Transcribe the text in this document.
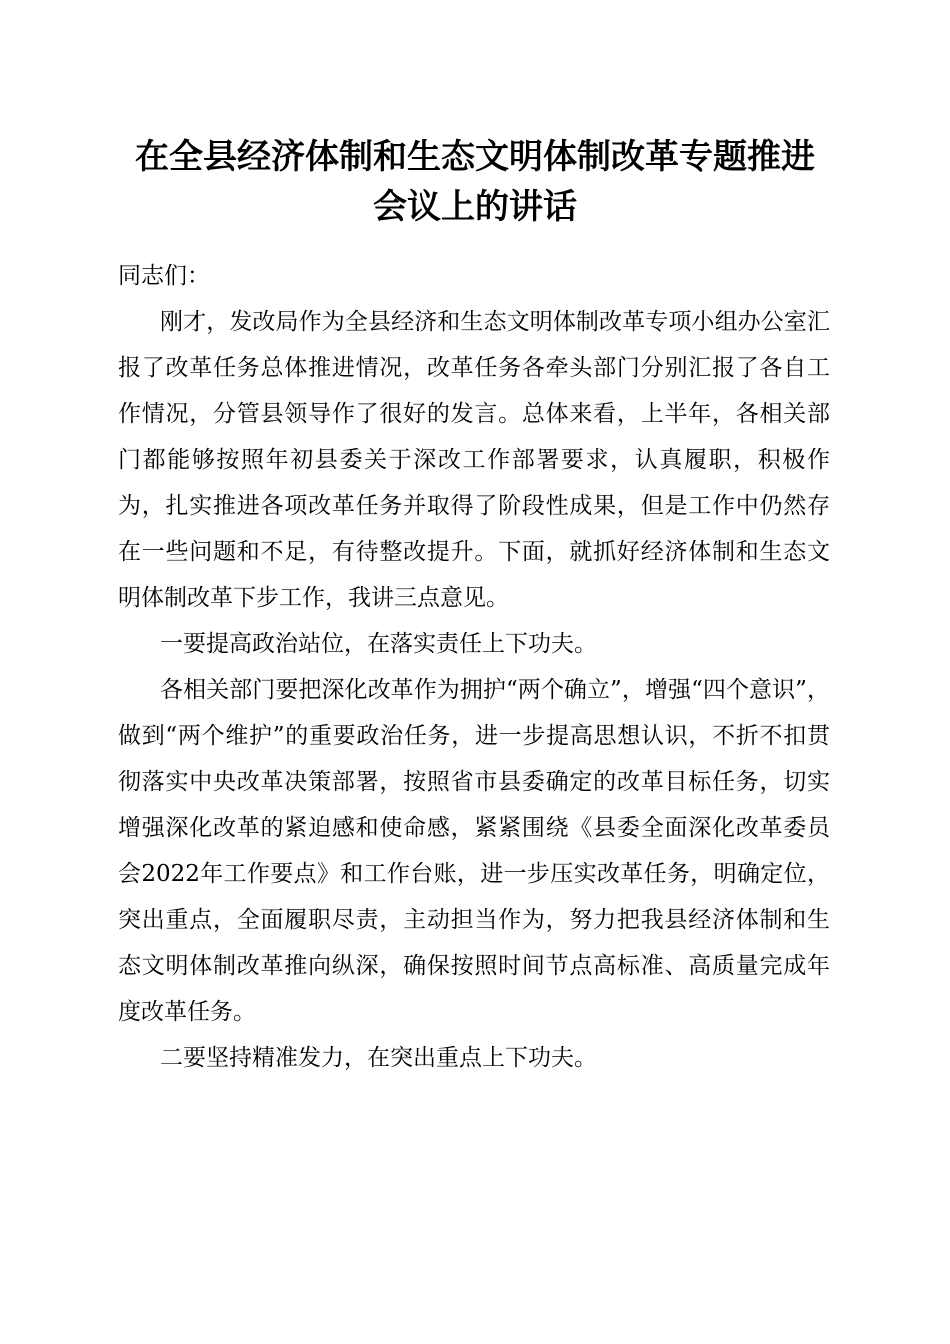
在全县经济体制和生态文明体制改革专题推进
会议上的讲话

同志们：

刚才，发改局作为全县经济和生态文明体制改革专项小组办公室汇报了改革任务总体推进情况，改革任务各牵头部门分别汇报了各自工作情况，分管县领导作了很好的发言。总体来看，上半年，各相关部门都能够按照年初县委关于深改工作部署要求，认真履职，积极作为，扎实推进各项改革任务并取得了阶段性成果，但是工作中仍然存在一些问题和不足，有待整改提升。下面，就抓好经济体制和生态文明体制改革下步工作，我讲三点意见。

一要提高政治站位，在落实责任上下功夫。

各相关部门要把深化改革作为拥护“两个确立”，增强“四个意识”，做到“两个维护”的重要政治任务，进一步提高思想认识，不折不扣贯彻落实中央改革决策部署，按照省市县委确定的改革目标任务，切实增强深化改革的紧迫感和使命感，紧紧围绕《县委全面深化改革委员会2022年工作要点》和工作台账，进一步压实改革任务，明确定位，突出重点，全面履职尽责，主动担当作为，努力把我县经济体制和生态文明体制改革推向纵深，确保按照时间节点高标准、高质量完成年度改革任务。

二要坚持精准发力，在突出重点上下功夫。
